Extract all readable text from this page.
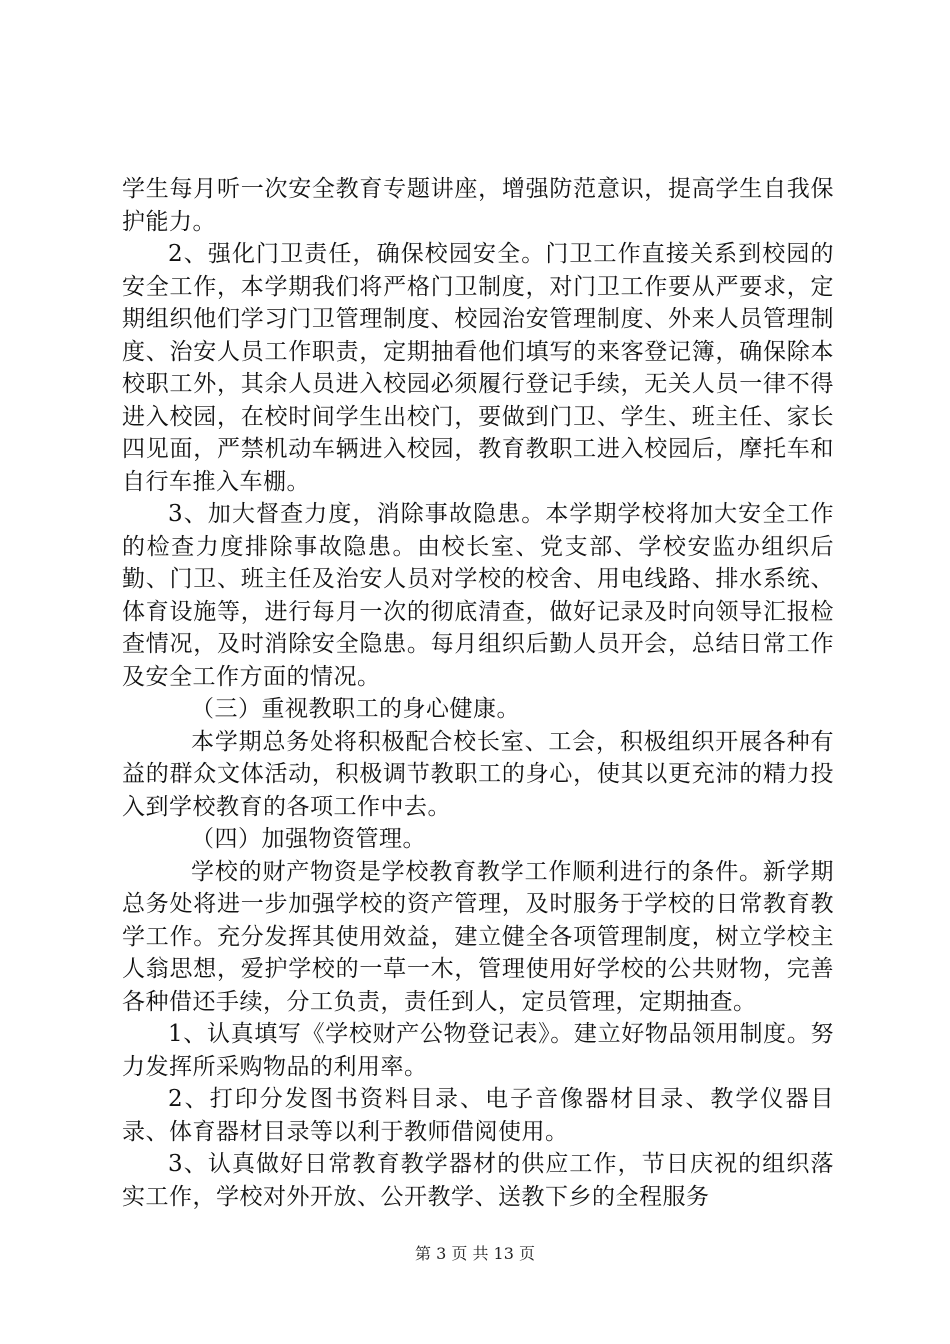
学生每月听一次安全教育专题讲座，增强防范意识，提高学生自我保护能力。

2、强化门卫责任，确保校园安全。门卫工作直接关系到校园的安全工作，本学期我们将严格门卫制度，对门卫工作要从严要求，定期组织他们学习门卫管理制度、校园治安管理制度、外来人员管理制度、治安人员工作职责，定期抽看他们填写的来客登记簿，确保除本校职工外，其余人员进入校园必须履行登记手续，无关人员一律不得进入校园，在校时间学生出校门，要做到门卫、学生、班主任、家长四见面，严禁机动车辆进入校园，教育教职工进入校园后，摩托车和自行车推入车棚。

3、加大督查力度，消除事故隐患。本学期学校将加大安全工作的检查力度排除事故隐患。由校长室、党支部、学校安监办组织后勤、门卫、班主任及治安人员对学校的校舍、用电线路、排水系统、体育设施等，进行每月一次的彻底清查，做好记录及时向领导汇报检查情况，及时消除安全隐患。每月组织后勤人员开会，总结日常工作及安全工作方面的情况。

（三）重视教职工的身心健康。

本学期总务处将积极配合校长室、工会，积极组织开展各种有益的群众文体活动，积极调节教职工的身心，使其以更充沛的精力投入到学校教育的各项工作中去。

（四）加强物资管理。

学校的财产物资是学校教育教学工作顺利进行的条件。新学期总务处将进一步加强学校的资产管理，及时服务于学校的日常教育教学工作。充分发挥其使用效益，建立健全各项管理制度，树立学校主人翁思想，爱护学校的一草一木，管理使用好学校的公共财物，完善各种借还手续，分工负责，责任到人，定员管理，定期抽查。

1、认真填写《学校财产公物登记表》。建立好物品领用制度。努力发挥所采购物品的利用率。

2、打印分发图书资料目录、电子音像器材目录、教学仪器目录、体育器材目录等以利于教师借阅使用。

3、认真做好日常教育教学器材的供应工作，节日庆祝的组织落实工作，学校对外开放、公开教学、送教下乡的全程服务

第 3 页 共 13 页
